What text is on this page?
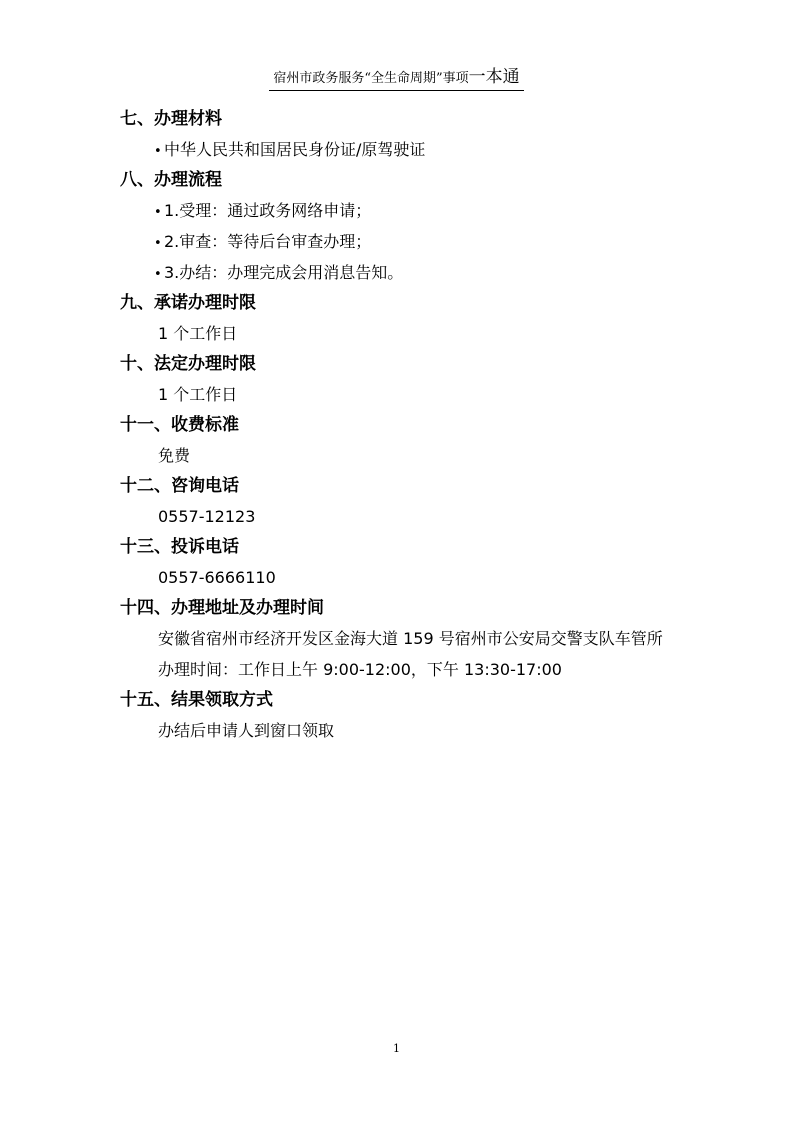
宿州市政务服务“全生命周期”事项一本通
七、办理材料
• 中华人民共和国居民身份证/原驾驶证
八、办理流程
• 1.受理：通过政务网络申请；
• 2.审查：等待后台审查办理；
• 3.办结：办理完成会用消息告知。
九、承诺办理时限
1 个工作日
十、法定办理时限
1 个工作日
十一、收费标准
免费
十二、咨询电话
0557-12123
十三、投诉电话
0557-6666110
十四、办理地址及办理时间

安徽省宿州市经济开发区金海大道 159 号宿州市公安局交警支队车管所

办理时间：工作日上午 9:00-12:00，下午 13:30-17:00
十五、结果领取方式
办结后申请人到窗口领取
1
